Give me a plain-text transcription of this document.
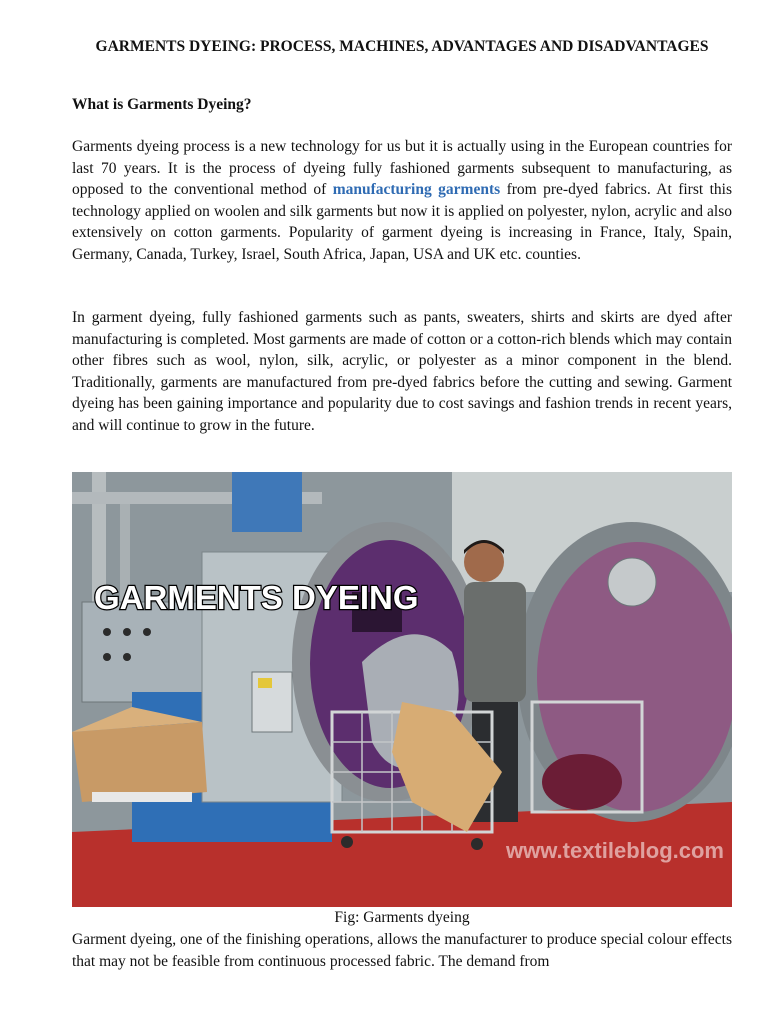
GARMENTS DYEING: PROCESS, MACHINES, ADVANTAGES AND DISADVANTAGES
What is Garments Dyeing?

Garments dyeing process is a new technology for us but it is actually using in the European countries for last 70 years. It is the process of dyeing fully fashioned garments subsequent to manufacturing, as opposed to the conventional method of manufacturing garments from pre-dyed fabrics. At first this technology applied on woolen and silk garments but now it is applied on polyester, nylon, acrylic and also extensively on cotton garments. Popularity of garment dyeing is increasing in France, Italy, Spain, Germany, Canada, Turkey, Israel, South Africa, Japan, USA and UK etc. counties.

In garment dyeing, fully fashioned garments such as pants, sweaters, shirts and skirts are dyed after manufacturing is completed. Most garments are made of cotton or a cotton-rich blends which may contain other fibres such as wool, nylon, silk, acrylic, or polyester as a minor component in the blend. Traditionally, garments are manufactured from pre-dyed fabrics before the cutting and sewing. Garment dyeing has been gaining importance and popularity due to cost savings and fashion trends in recent years, and will continue to grow in the future.

GARMENTS DYEING
www.textileblog.com

Fig: Garments dyeing

Garment dyeing, one of the finishing operations, allows the manufacturer to produce special colour effects that may not be feasible from continuous processed fabric. The demand from
